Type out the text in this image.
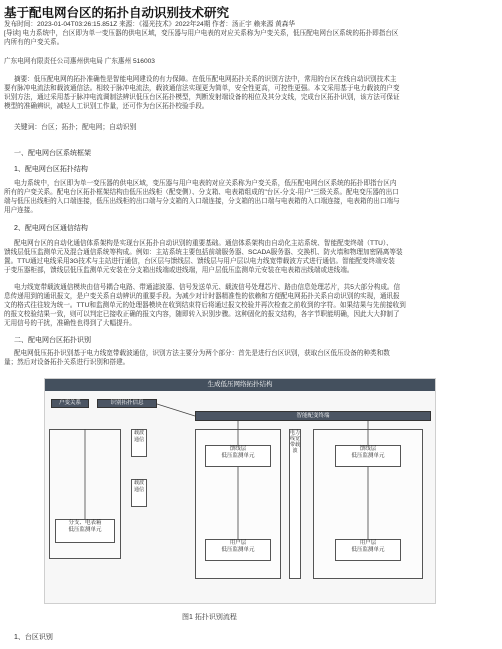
基于配电网台区的拓扑自动识别技术研究
发布时间：2023-01-04T03:26:15.851Z 来源：《福光技术》2022年24期 作者：汤正宇 赖来源 黄森华
[导读] 电力系统中，台区即为单一变压器的供电区域，变压器与用户电表的对应关系称为户变关系，低压配电网台区系统的拓扑即指台区
内所有的户变关系。
广东电网有限责任公司惠州供电局 广东惠州 516003
摘要：低压配电网的拓扑准确性是智能电网建设的有力保障。在低压配电网拓扑关系的识别方法中，常用的台区在线自动识别技术主
要有脉冲电流法和载波通信法。相较于脉冲电流法，载波通信法实现更为简单，安全性更高，可控性更强。本文采用基于电力载波的户变
识别方法，通过采用基于脉冲电流调制法辨识低压台区拓扑模型，判断发射端设备的相位及其分支线，完成台区拓扑识别，该方法可保证
模型的准确辨识，减轻人工识别工作量，还可作为台区拓扑校验手段。
关键词：台区；拓扑；配电网；自动识别
一、配电网台区系统框架
1、配电网台区拓扑结构
电力系统中，台区即为单一变压器的供电区域，变压器与用户电表的对应关系称为户变关系，低压配电网台区系统的拓扑即指台区内
所有的户变关系。配电台区拓扑框架结构由低压出线柜（配变侧）、分支箱、电表箱组成的"台区-分支-用户"三级关系。配电变压器的出口
端与低压出线柜的入口端连接，低压出线柜的出口端与分支箱的入口端连接，分支箱的出口端与电表箱的入口端连接，电表箱的出口端与
用户连接。
2、配电网台区通信结构
配电网台区的自动化通信体系架构是实现台区拓扑自动识别的重要基础。通信体系架构由自动化主站系统、智能配变终端（TTU）、
馈线层低压监测单元及混合通信系统等构成。例如：主站系统主要包括前端服务器、SCADA服务器、交换机、防火墙和物理加密隔离等装
置。TTU通过电线采用3G技术与主站进行通信，台区层与馈线层、馈线层与用户层以电力线宽带载波方式进行通信。智能配变终端安装
于变压器柜部，馈线层低压监测单元安装在分支箱出线端或进线端，用户层低压监测单元安装在电表箱出线端或进线端。
电力线宽带载波通信模块由信号耦合电路、带通滤波器、信号发送单元、载波信号处理芯片、路由信息处理芯片，共5大部分构成。信
息传递用到的通讯报文，是户变关系自动辨识的重要手段。为减少对计时器精准性的依赖和方便配电网拓扑关系自动识别的实现，通讯报
文的格式往往较为统一。TTU和监测单元的处理器模块在收到结束符后将通过报文校验并再次检查之前收到的字符。如果结果与先前接收到
的报文校验结果一致，则可以判定已接收正确的报文内容，随即转入识别步骤。这种固化的报文结构，各字节职能明确，因此大大抑制了
无用信号的干扰，准确性也得到了大幅提升。
二、配电网台区拓扑识别
配电网低压拓扑识别基于电力线宽带载波通信，识别方法主要分为两个部分：首先是进行台区识别，获取台区低压设备的种类和数
量；然后对设备拓扑关系进行识别和搭建。
生成低压网络拓扑结构
户变关系	识别拓扑信息
智能配变终端
分支、电表箱
低压监测单元
载波
通信
载波
通信
馈线层
低压监测单元
用户层
低压监测单元
电力线宽带载波	馈线层
低压监测单元
用户层
低压监测单元
图1 拓扑识别流程
1、台区识别
